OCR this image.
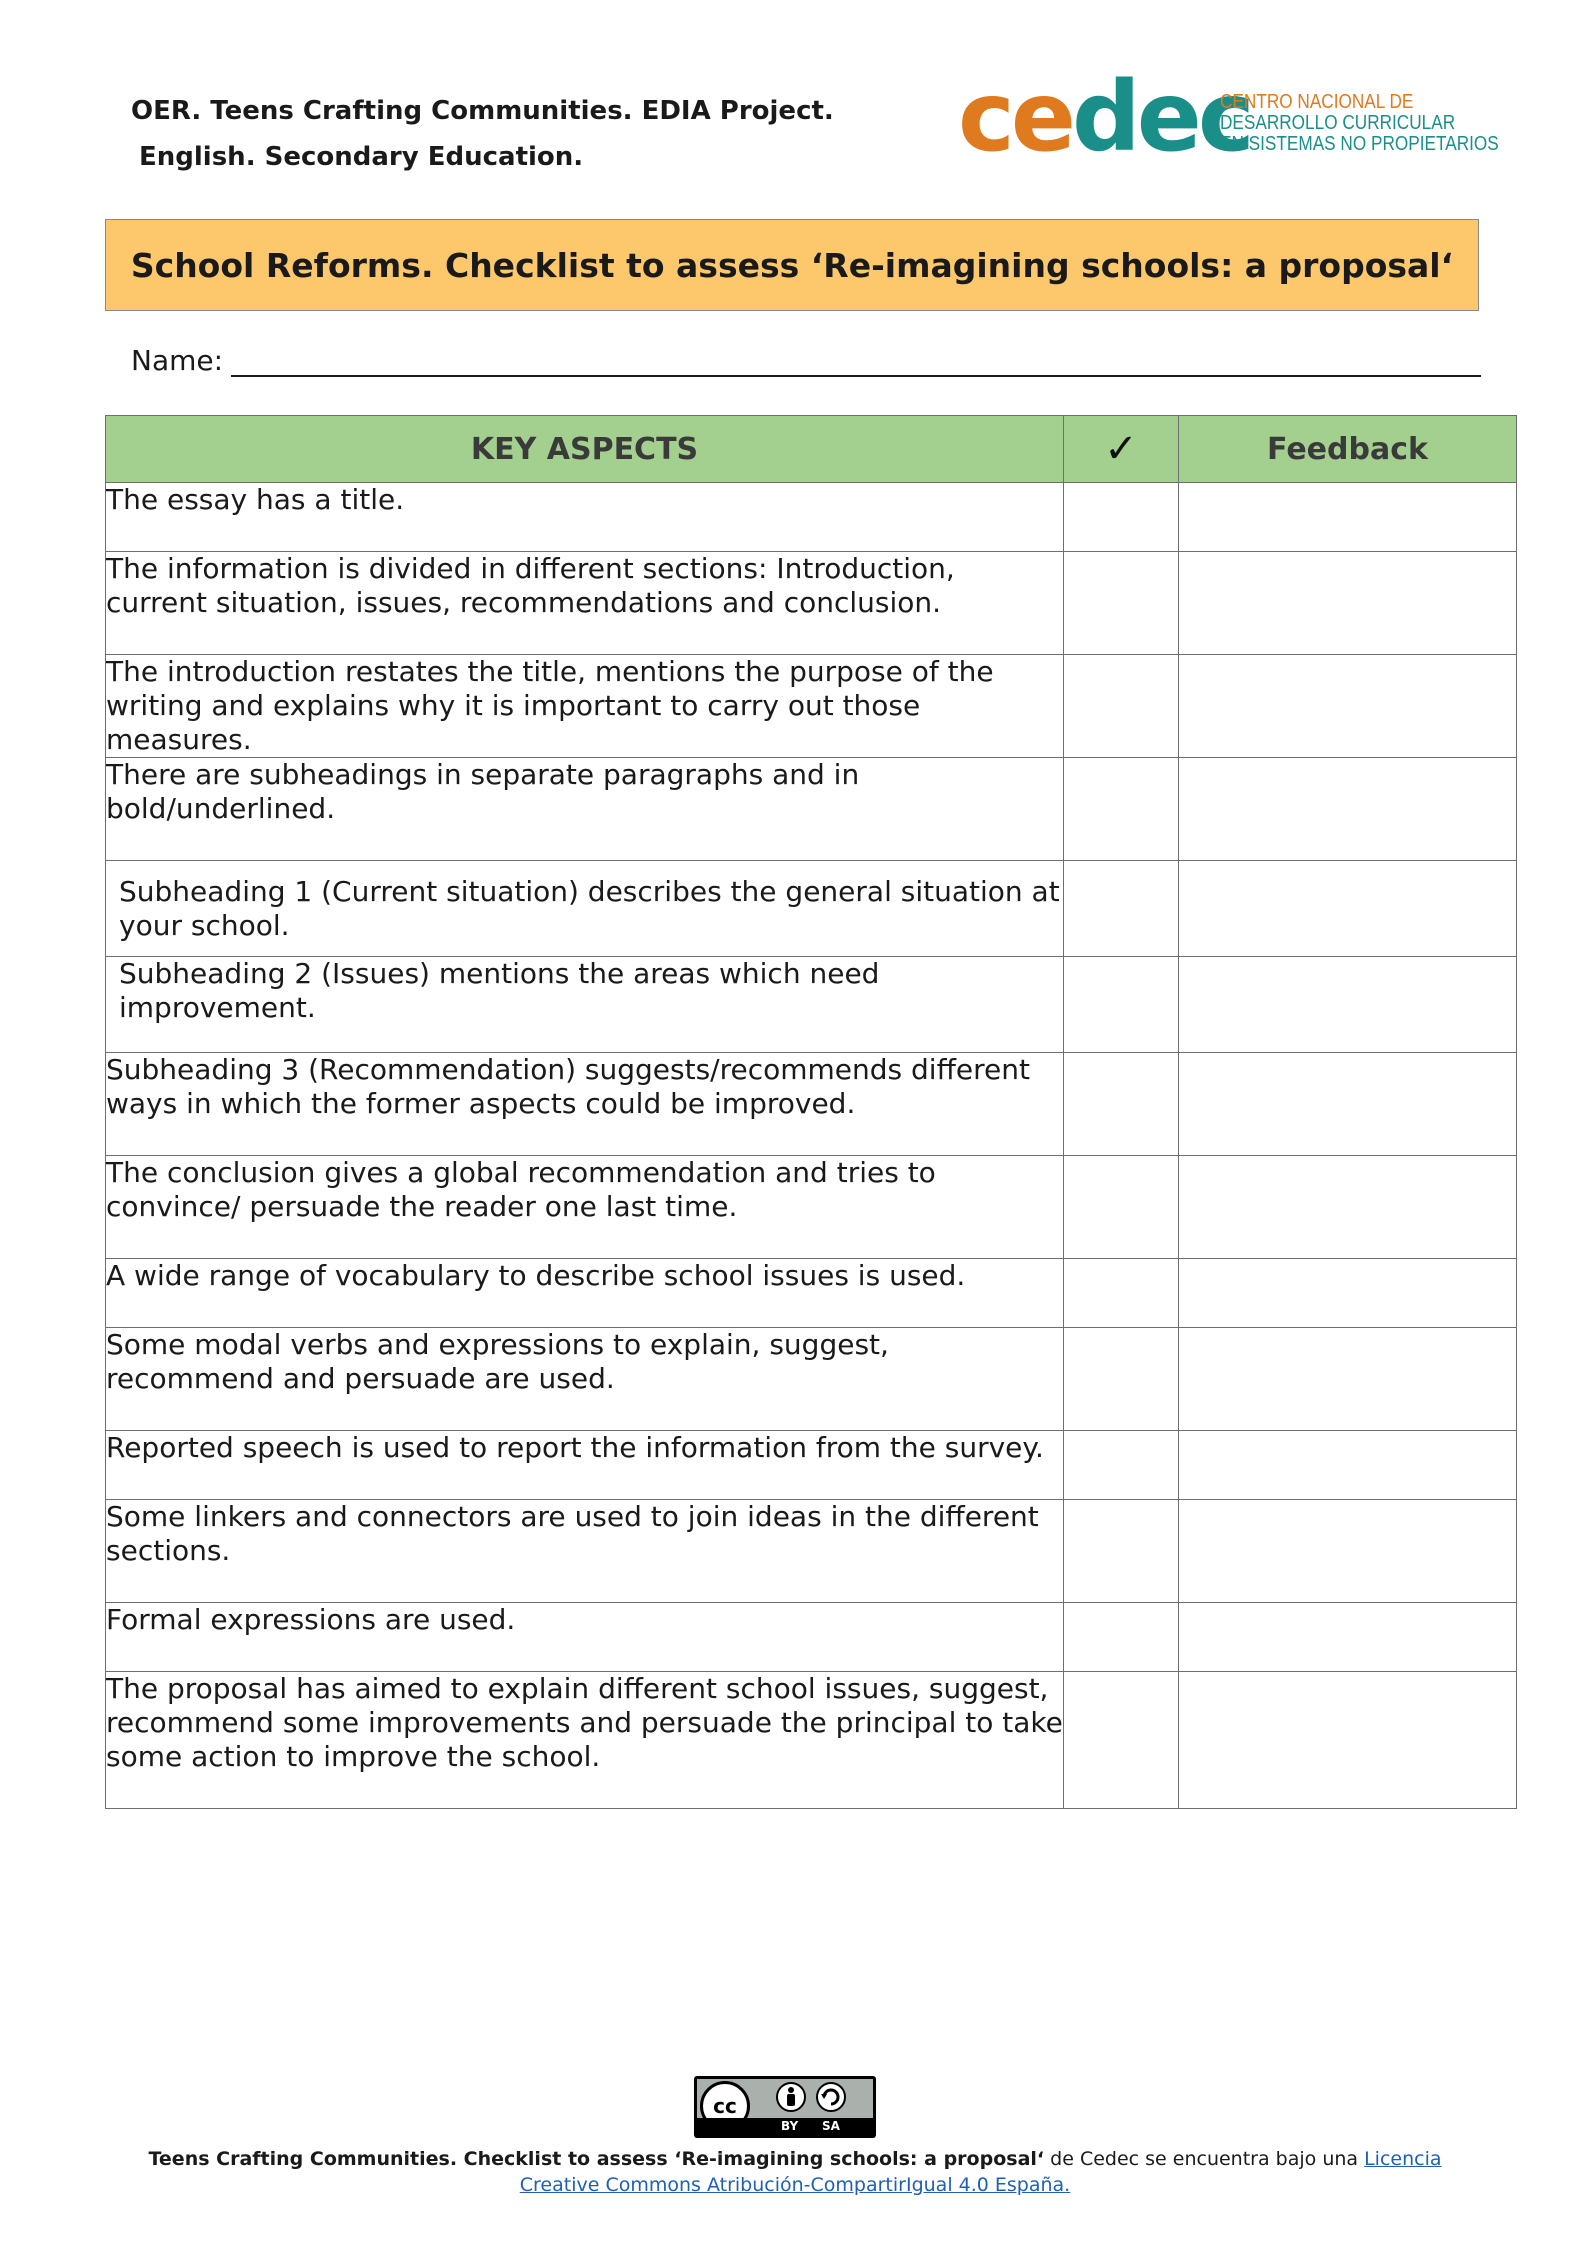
OER. Teens Crafting Communities. EDIA Project.
English. Secondary Education.	cedec
CENTRO NACIONAL DE
DESARROLLO CURRICULAR
EN SISTEMAS NO PROPIETARIOS
School Reforms. Checklist to assess ‘Re-imagining schools: a proposal‘
Name:
KEY ASPECTS	✓	Feedback
The essay has a title.		
The information is divided in different sections: Introduction, current situation, issues, recommendations and conclusion.		
The introduction restates the title, mentions the purpose of the writing and explains why it is important to carry out those measures.		
There are subheadings in separate paragraphs and in bold/underlined.		
Subheading 1 (Current situation) describes the general situation at your school.		
Subheading 2 (Issues) mentions the areas which need improvement.		
Subheading 3 (Recommendation) suggests/recommends different ways in which the former aspects could be improved.		
The conclusion gives a global recommendation and tries to convince/ persuade the reader one last time.		
A wide range of vocabulary to describe school issues is used.		
Some modal verbs and expressions to explain, suggest, recommend and persuade are used.		
Reported speech is used to report the information from the survey.		
Some linkers and connectors are used to join ideas in the different sections.		
Formal expressions are used.		
The proposal has aimed to explain different school issues, suggest, recommend some improvements and persuade the principal to take some action to improve the school.		
cc
BY SA
Teens Crafting Communities. Checklist to assess ‘Re-imagining schools: a proposal‘ de Cedec se encuentra bajo una Licencia Creative Commons Atribución-CompartirIgual 4.0 España.
